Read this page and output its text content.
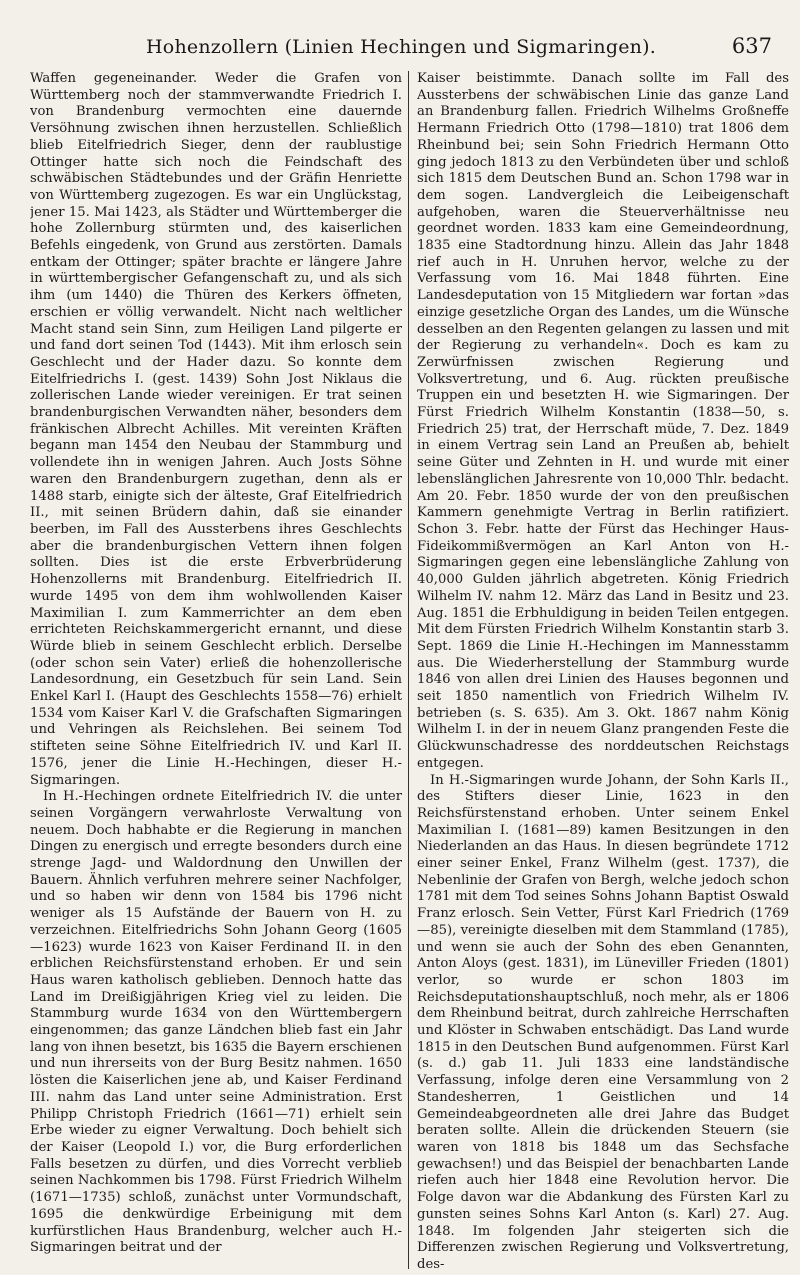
Hohenzollern (Linien Hechingen und Sigmaringen).	637

Waffen gegeneinander. Weder die Grafen von Württemberg noch der stammverwandte Friedrich I. von Brandenburg vermochten eine dauernde Versöhnung zwischen ihnen herzustellen. Schließlich blieb Eitelfriedrich Sieger, denn der raublustige Ottinger hatte sich noch die Feindschaft des schwäbischen Städtebundes und der Gräfin Henriette von Württemberg zugezogen. Es war ein Unglückstag, jener 15. Mai 1423, als Städter und Württemberger die hohe Zollernburg stürmten und, des kaiserlichen Befehls eingedenk, von Grund aus zerstörten. Damals entkam der Ottinger; später brachte er längere Jahre in württembergischer Gefangenschaft zu, und als sich ihm (um 1440) die Thüren des Kerkers öffneten, erschien er völlig verwandelt. Nicht nach weltlicher Macht stand sein Sinn, zum Heiligen Land pilgerte er und fand dort seinen Tod (1443). Mit ihm erlosch sein Geschlecht und der Hader dazu. So konnte dem Eitelfriedrichs I. (gest. 1439) Sohn Jost Niklaus die zollerischen Lande wieder vereinigen. Er trat seinen brandenburgischen Verwandten näher, besonders dem fränkischen Albrecht Achilles. Mit vereinten Kräften begann man 1454 den Neubau der Stammburg und vollendete ihn in wenigen Jahren. Auch Josts Söhne waren den Brandenburgern zugethan, denn als er 1488 starb, einigte sich der älteste, Graf Eitelfriedrich II., mit seinen Brüdern dahin, daß sie einander beerben, im Fall des Aussterbens ihres Geschlechts aber die brandenburgischen Vettern ihnen folgen sollten. Dies ist die erste Erbverbrüderung Hohenzollerns mit Brandenburg. Eitelfriedrich II. wurde 1495 von dem ihm wohlwollenden Kaiser Maximilian I. zum Kammerrichter an dem eben errichteten Reichskammergericht ernannt, und diese Würde blieb in seinem Geschlecht erblich. Derselbe (oder schon sein Vater) erließ die hohenzollerische Landesordnung, ein Gesetzbuch für sein Land. Sein Enkel Karl I. (Haupt des Geschlechts 1558—76) erhielt 1534 vom Kaiser Karl V. die Grafschaften Sigmaringen und Vehringen als Reichslehen. Bei seinem Tod stifteten seine Söhne Eitelfriedrich IV. und Karl II. 1576, jener die Linie H.-Hechingen, dieser H.-Sigmaringen.

In H.-Hechingen ordnete Eitelfriedrich IV. die unter seinen Vorgängern verwahrloste Verwaltung von neuem. Doch habhabte er die Regierung in manchen Dingen zu energisch und erregte besonders durch eine strenge Jagd- und Waldordnung den Unwillen der Bauern. Ähnlich verfuhren mehrere seiner Nachfolger, und so haben wir denn von 1584 bis 1796 nicht weniger als 15 Aufstände der Bauern von H. zu verzeichnen. Eitelfriedrichs Sohn Johann Georg (1605—1623) wurde 1623 von Kaiser Ferdinand II. in den erblichen Reichsfürstenstand erhoben. Er und sein Haus waren katholisch geblieben. Dennoch hatte das Land im Dreißigjährigen Krieg viel zu leiden. Die Stammburg wurde 1634 von den Württembergern eingenommen; das ganze Ländchen blieb fast ein Jahr lang von ihnen besetzt, bis 1635 die Bayern erschienen und nun ihrerseits von der Burg Besitz nahmen. 1650 lösten die Kaiserlichen jene ab, und Kaiser Ferdinand III. nahm das Land unter seine Administration. Erst Philipp Christoph Friedrich (1661—71) erhielt sein Erbe wieder zu eigner Verwaltung. Doch behielt sich der Kaiser (Leopold I.) vor, die Burg erforderlichen Falls besetzen zu dürfen, und dies Vorrecht verblieb seinen Nachkommen bis 1798. Fürst Friedrich Wilhelm (1671—1735) schloß, zunächst unter Vormundschaft, 1695 die denkwürdige Erbeinigung mit dem kurfürstlichen Haus Brandenburg, welcher auch H.-Sigmaringen beitrat und der

Kaiser beistimmte. Danach sollte im Fall des Aussterbens der schwäbischen Linie das ganze Land an Brandenburg fallen. Friedrich Wilhelms Großneffe Hermann Friedrich Otto (1798—1810) trat 1806 dem Rheinbund bei; sein Sohn Friedrich Hermann Otto ging jedoch 1813 zu den Verbündeten über und schloß sich 1815 dem Deutschen Bund an. Schon 1798 war in dem sogen. Landvergleich die Leibeigenschaft aufgehoben, waren die Steuerverhältnisse neu geordnet worden. 1833 kam eine Gemeindeordnung, 1835 eine Stadtordnung hinzu. Allein das Jahr 1848 rief auch in H. Unruhen hervor, welche zu der Verfassung vom 16. Mai 1848 führten. Eine Landesdeputation von 15 Mitgliedern war fortan »das einzige gesetzliche Organ des Landes, um die Wünsche desselben an den Regenten gelangen zu lassen und mit der Regierung zu verhandeln«. Doch es kam zu Zerwürfnissen zwischen Regierung und Volksvertretung, und 6. Aug. rückten preußische Truppen ein und besetzten H. wie Sigmaringen. Der Fürst Friedrich Wilhelm Konstantin (1838—50, s. Friedrich 25) trat, der Herrschaft müde, 7. Dez. 1849 in einem Vertrag sein Land an Preußen ab, behielt seine Güter und Zehnten in H. und wurde mit einer lebenslänglichen Jahresrente von 10,000 Thlr. bedacht. Am 20. Febr. 1850 wurde der von den preußischen Kammern genehmigte Vertrag in Berlin ratifiziert. Schon 3. Febr. hatte der Fürst das Hechinger Haus-Fideikommißvermögen an Karl Anton von H.-Sigmaringen gegen eine lebenslängliche Zahlung von 40,000 Gulden jährlich abgetreten. König Friedrich Wilhelm IV. nahm 12. März das Land in Besitz und 23. Aug. 1851 die Erbhuldigung in beiden Teilen entgegen. Mit dem Fürsten Friedrich Wilhelm Konstantin starb 3. Sept. 1869 die Linie H.-Hechingen im Mannesstamm aus. Die Wiederherstellung der Stammburg wurde 1846 von allen drei Linien des Hauses begonnen und seit 1850 namentlich von Friedrich Wilhelm IV. betrieben (s. S. 635). Am 3. Okt. 1867 nahm König Wilhelm I. in der in neuem Glanz prangenden Feste die Glückwunschadresse des norddeutschen Reichstags entgegen.

In H.-Sigmaringen wurde Johann, der Sohn Karls II., des Stifters dieser Linie, 1623 in den Reichsfürstenstand erhoben. Unter seinem Enkel Maximilian I. (1681—89) kamen Besitzungen in den Niederlanden an das Haus. In diesen begründete 1712 einer seiner Enkel, Franz Wilhelm (gest. 1737), die Nebenlinie der Grafen von Bergh, welche jedoch schon 1781 mit dem Tod seines Sohns Johann Baptist Oswald Franz erlosch. Sein Vetter, Fürst Karl Friedrich (1769—85), vereinigte dieselben mit dem Stammland (1785), und wenn sie auch der Sohn des eben Genannten, Anton Aloys (gest. 1831), im Lüneviller Frieden (1801) verlor, so wurde er schon 1803 im Reichsdeputationshauptschluß, noch mehr, als er 1806 dem Rheinbund beitrat, durch zahlreiche Herrschaften und Klöster in Schwaben entschädigt. Das Land wurde 1815 in den Deutschen Bund aufgenommen. Fürst Karl (s. d.) gab 11. Juli 1833 eine landständische Verfassung, infolge deren eine Versammlung von 2 Standesherren, 1 Geistlichen und 14 Gemeindeabgeordneten alle drei Jahre das Budget beraten sollte. Allein die drückenden Steuern (sie waren von 1818 bis 1848 um das Sechsfache gewachsen!) und das Beispiel der benachbarten Lande riefen auch hier 1848 eine Revolution hervor. Die Folge davon war die Abdankung des Fürsten Karl zu gunsten seines Sohns Karl Anton (s. Karl) 27. Aug. 1848. Im folgenden Jahr steigerten sich die Differenzen zwischen Regierung und Volksvertretung, des-
